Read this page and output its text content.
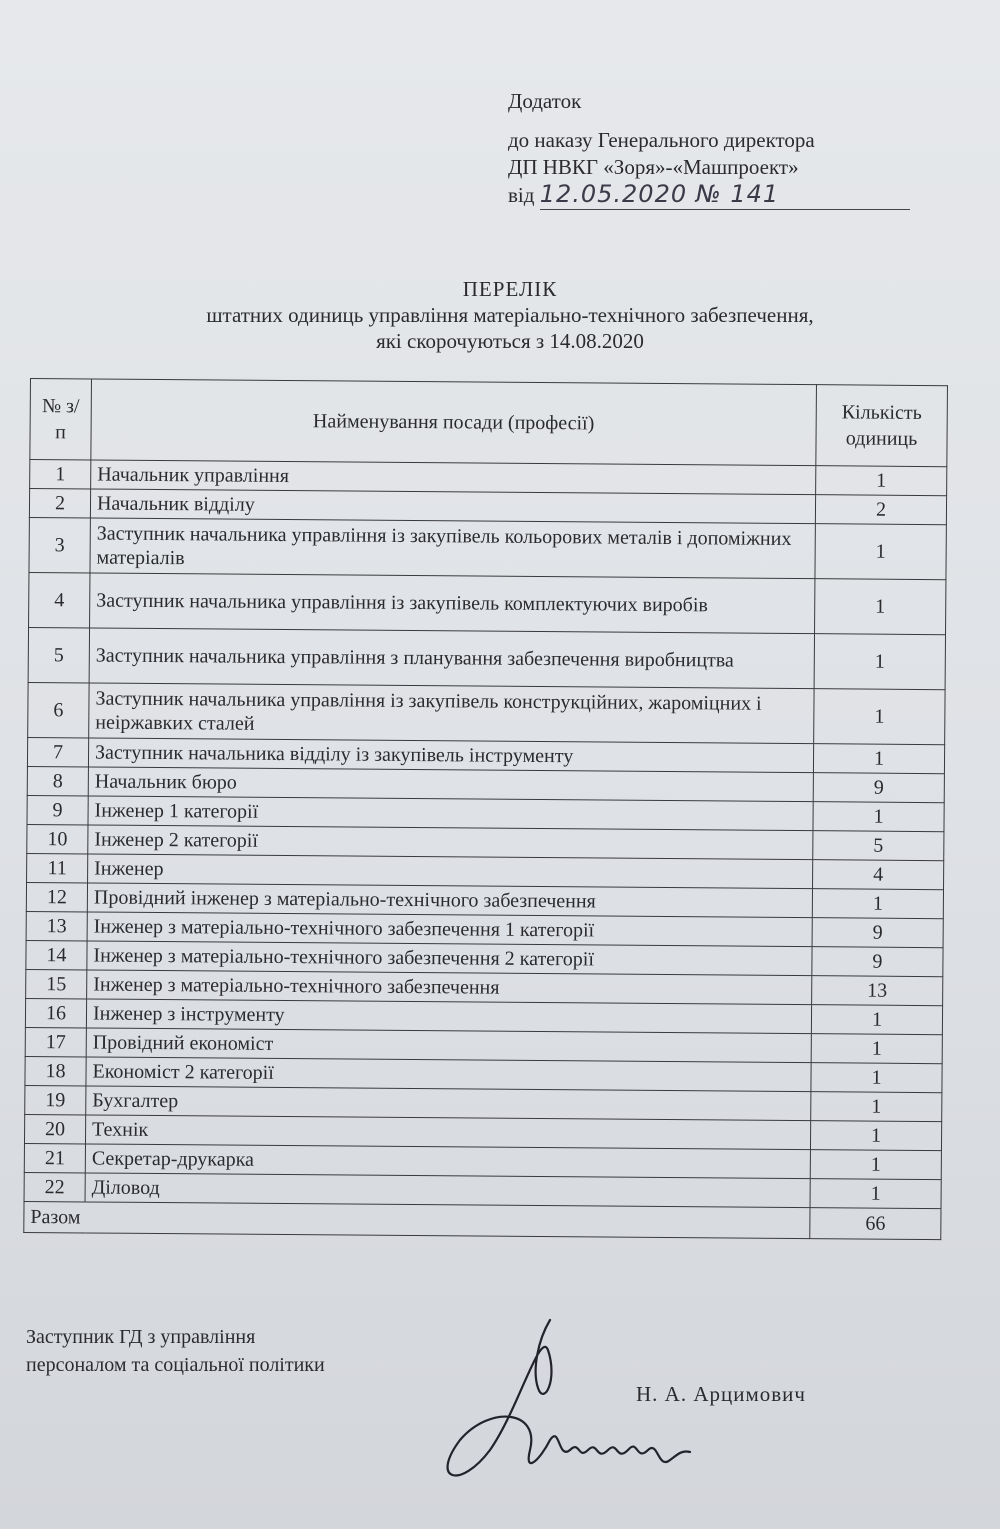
Додаток
до наказу Генерального директора
ДП НВКГ «Зоря»-«Машпроект»
від 12.05.2020 № 141
ПЕРЕЛІК
штатних одиниць управління матеріально-технічного забезпечення,
які скорочуються з 14.08.2020
№ з/п	Найменування посади (професії)	Кількість одиниць
1	Начальник управління	1
2	Начальник відділу	2
3	Заступник начальника управління із закупівель кольорових металів і допоміжних матеріалів	1
4	Заступник начальника управління із закупівель комплектуючих виробів	1
5	Заступник начальника управління з планування забезпечення виробництва	1
6	Заступник начальника управління із закупівель конструкційних, жароміцних і неіржавких сталей	1
7	Заступник начальника відділу із закупівель інструменту	1
8	Начальник бюро	9
9	Інженер 1 категорії	1
10	Інженер 2 категорії	5
11	Інженер	4
12	Провідний інженер з матеріально-технічного забезпечення	1
13	Інженер з матеріально-технічного забезпечення 1 категорії	9
14	Інженер з матеріально-технічного забезпечення 2 категорії	9
15	Інженер з матеріально-технічного забезпечення	13
16	Інженер з інструменту	1
17	Провідний економіст	1
18	Економіст 2 категорії	1
19	Бухгалтер	1
20	Технік	1
21	Секретар-друкарка	1
22	Діловод	1
Разом		66
Заступник ГД з управління
персоналом та соціальної політики
Н. А. Арцимович
